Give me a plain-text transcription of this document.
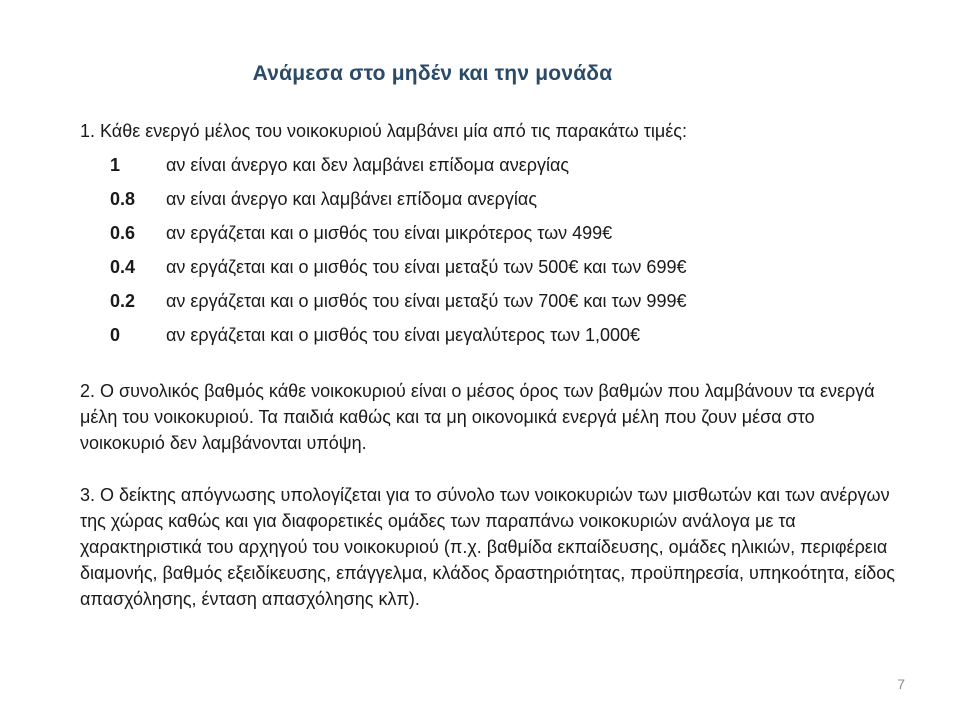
Ανάμεσα στο μηδέν και την μονάδα

1. Κάθε ενεργό μέλος του νοικοκυριού λαμβάνει μία από τις παρακάτω τιμές:

1	αν είναι άνεργο και δεν λαμβάνει επίδομα ανεργίας
0.8	αν είναι άνεργο και λαμβάνει επίδομα ανεργίας
0.6	αν εργάζεται και ο μισθός του είναι μικρότερος των 499€
0.4	αν εργάζεται και ο μισθός του είναι μεταξύ των 500€ και των 699€
0.2	αν εργάζεται και ο μισθός του είναι μεταξύ των 700€ και των 999€
0	αν εργάζεται και ο μισθός του είναι μεγαλύτερος των 1,000€

2. Ο συνολικός βαθμός κάθε νοικοκυριού είναι ο μέσος όρος των βαθμών που λαμβάνουν τα ενεργά μέλη του νοικοκυριού. Τα παιδιά καθώς και τα μη οικονομικά ενεργά μέλη που ζουν μέσα στο νοικοκυριό δεν λαμβάνονται υπόψη.

3. Ο δείκτης απόγνωσης υπολογίζεται για το σύνολο των νοικοκυριών των μισθωτών και των ανέργων της χώρας καθώς και για διαφορετικές ομάδες των παραπάνω νοικοκυριών ανάλογα με τα χαρακτηριστικά του αρχηγού του νοικοκυριού (π.χ. βαθμίδα εκπαίδευσης, ομάδες ηλικιών, περιφέρεια διαμονής, βαθμός εξειδίκευσης, επάγγελμα, κλάδος δραστηριότητας, προϋπηρεσία, υπηκοότητα, είδος απασχόλησης, ένταση απασχόλησης κλπ).

7
